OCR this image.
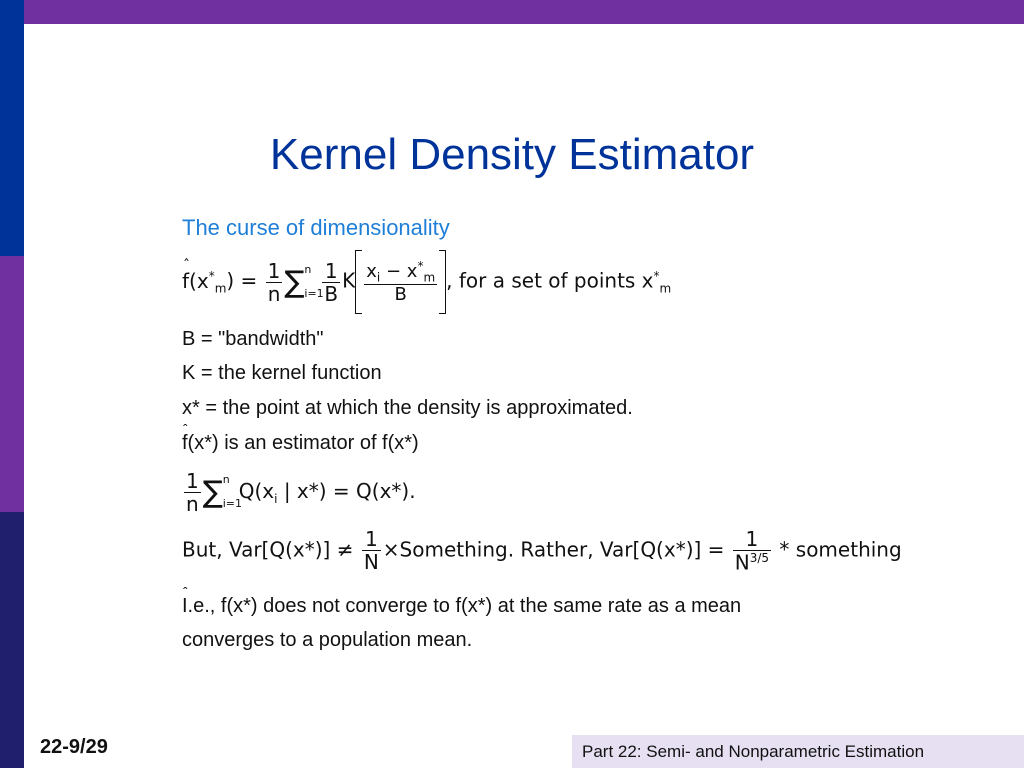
Kernel Density Estimator
The curse of dimensionality
ˆ $f(x^*_m) = \frac{1}{n}$ ∑ n
i=1
$\frac{1}{B}$ K $\frac{x_i - x^*_m}{B}$ , for a set of points $x^*_m$
B = "bandwidth"
K = the kernel function
x* = the point at which the density is approximated.
ˆ f(x*) is an estimator of f(x*)
$\frac{1}{n}$ ∑ n
i=1
$Q(x_i$ | x*) = Q(x*).
But, $Var[Q(x*)] \ne \frac{1}{N}$ ×Something. Rather, $Var[Q(x*)] = \frac{1}{N^{3/5}}$ * something
ˆ I.e., f(x*) does not converge to f(x*) at the same rate as a mean
converges to a population mean.
22-9/29	Part 22: Semi- and Nonparametric Estimation
